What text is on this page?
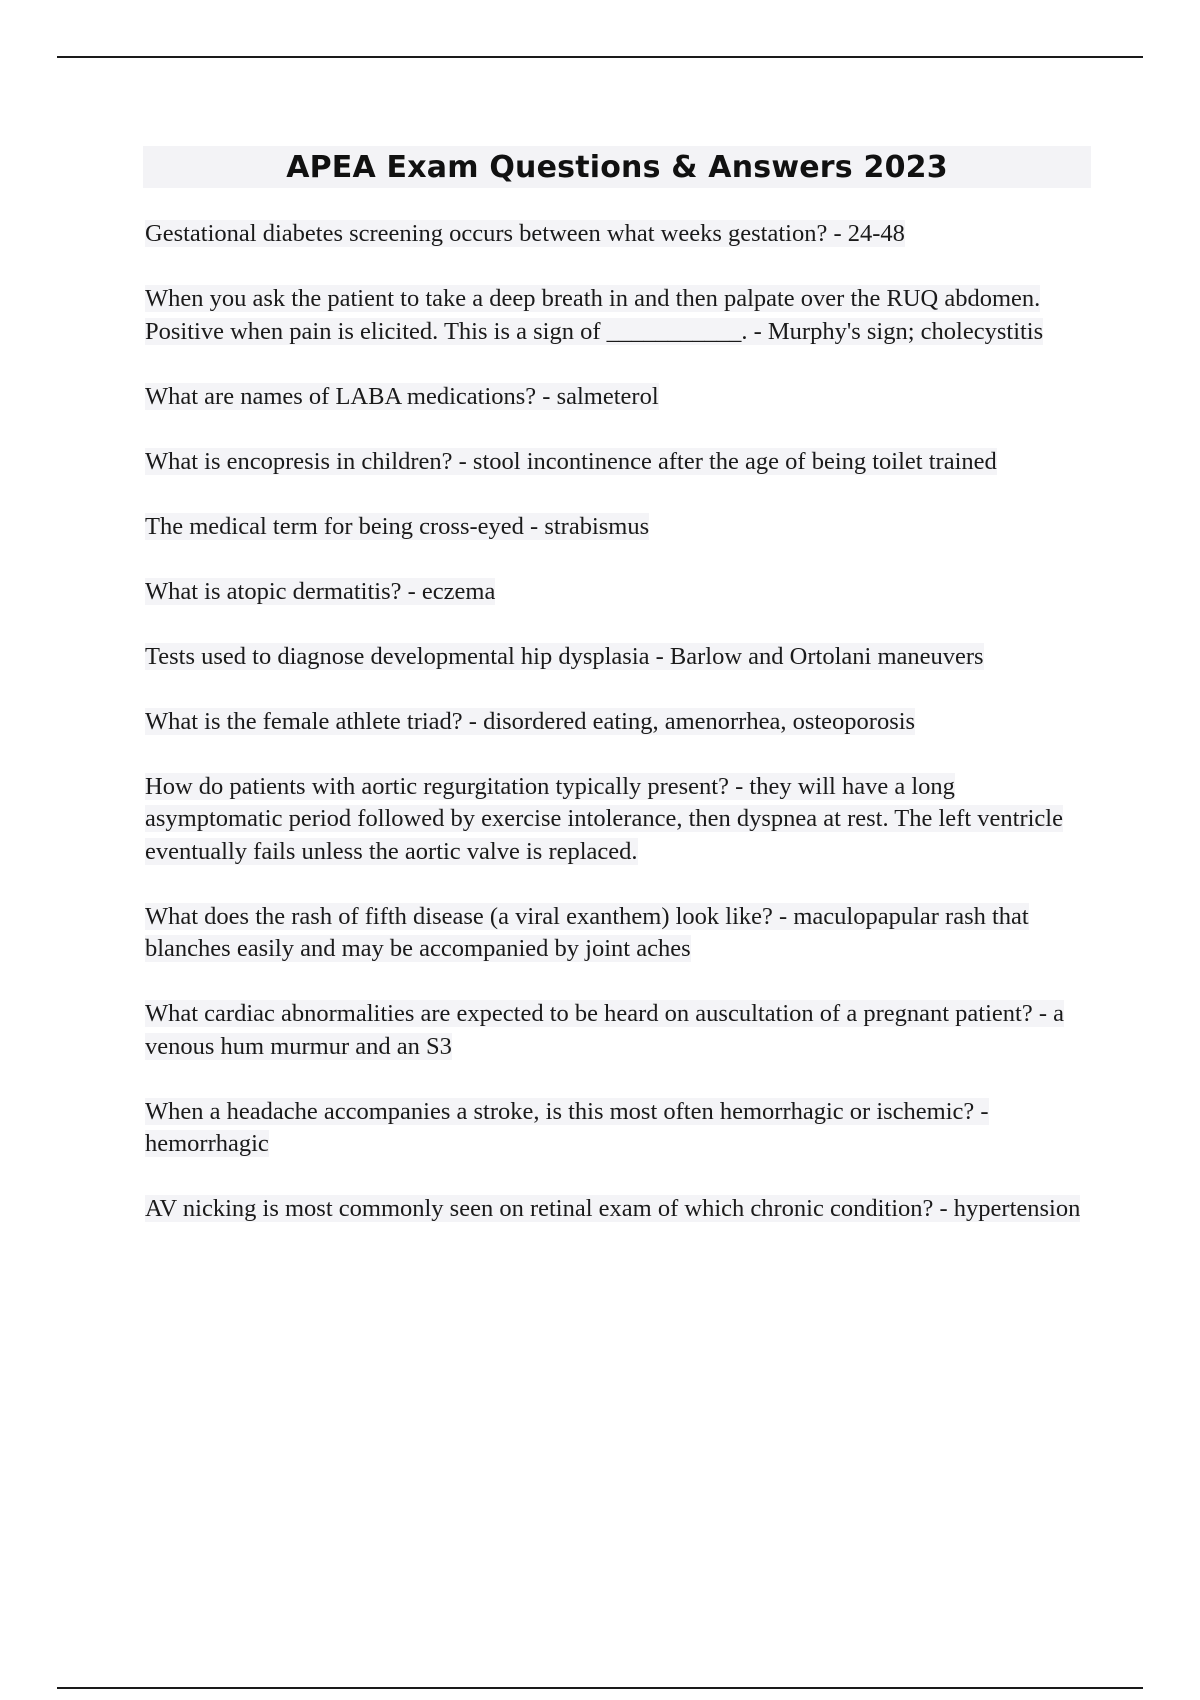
APEA Exam Questions & Answers 2023

Gestational diabetes screening occurs between what weeks gestation? - 24-48

When you ask the patient to take a deep breath in and then palpate over the RUQ abdomen. Positive when pain is elicited. This is a sign of ___________. - Murphy's sign; cholecystitis

What are names of LABA medications? - salmeterol

What is encopresis in children? - stool incontinence after the age of being toilet trained

The medical term for being cross-eyed - strabismus

What is atopic dermatitis? - eczema

Tests used to diagnose developmental hip dysplasia - Barlow and Ortolani maneuvers

What is the female athlete triad? - disordered eating, amenorrhea, osteoporosis

How do patients with aortic regurgitation typically present? - they will have a long asymptomatic period followed by exercise intolerance, then dyspnea at rest. The left ventricle eventually fails unless the aortic valve is replaced.

What does the rash of fifth disease (a viral exanthem) look like? - maculopapular rash that blanches easily and may be accompanied by joint aches

What cardiac abnormalities are expected to be heard on auscultation of a pregnant patient? - a venous hum murmur and an S3

When a headache accompanies a stroke, is this most often hemorrhagic or ischemic? - hemorrhagic

AV nicking is most commonly seen on retinal exam of which chronic condition? - hypertension
